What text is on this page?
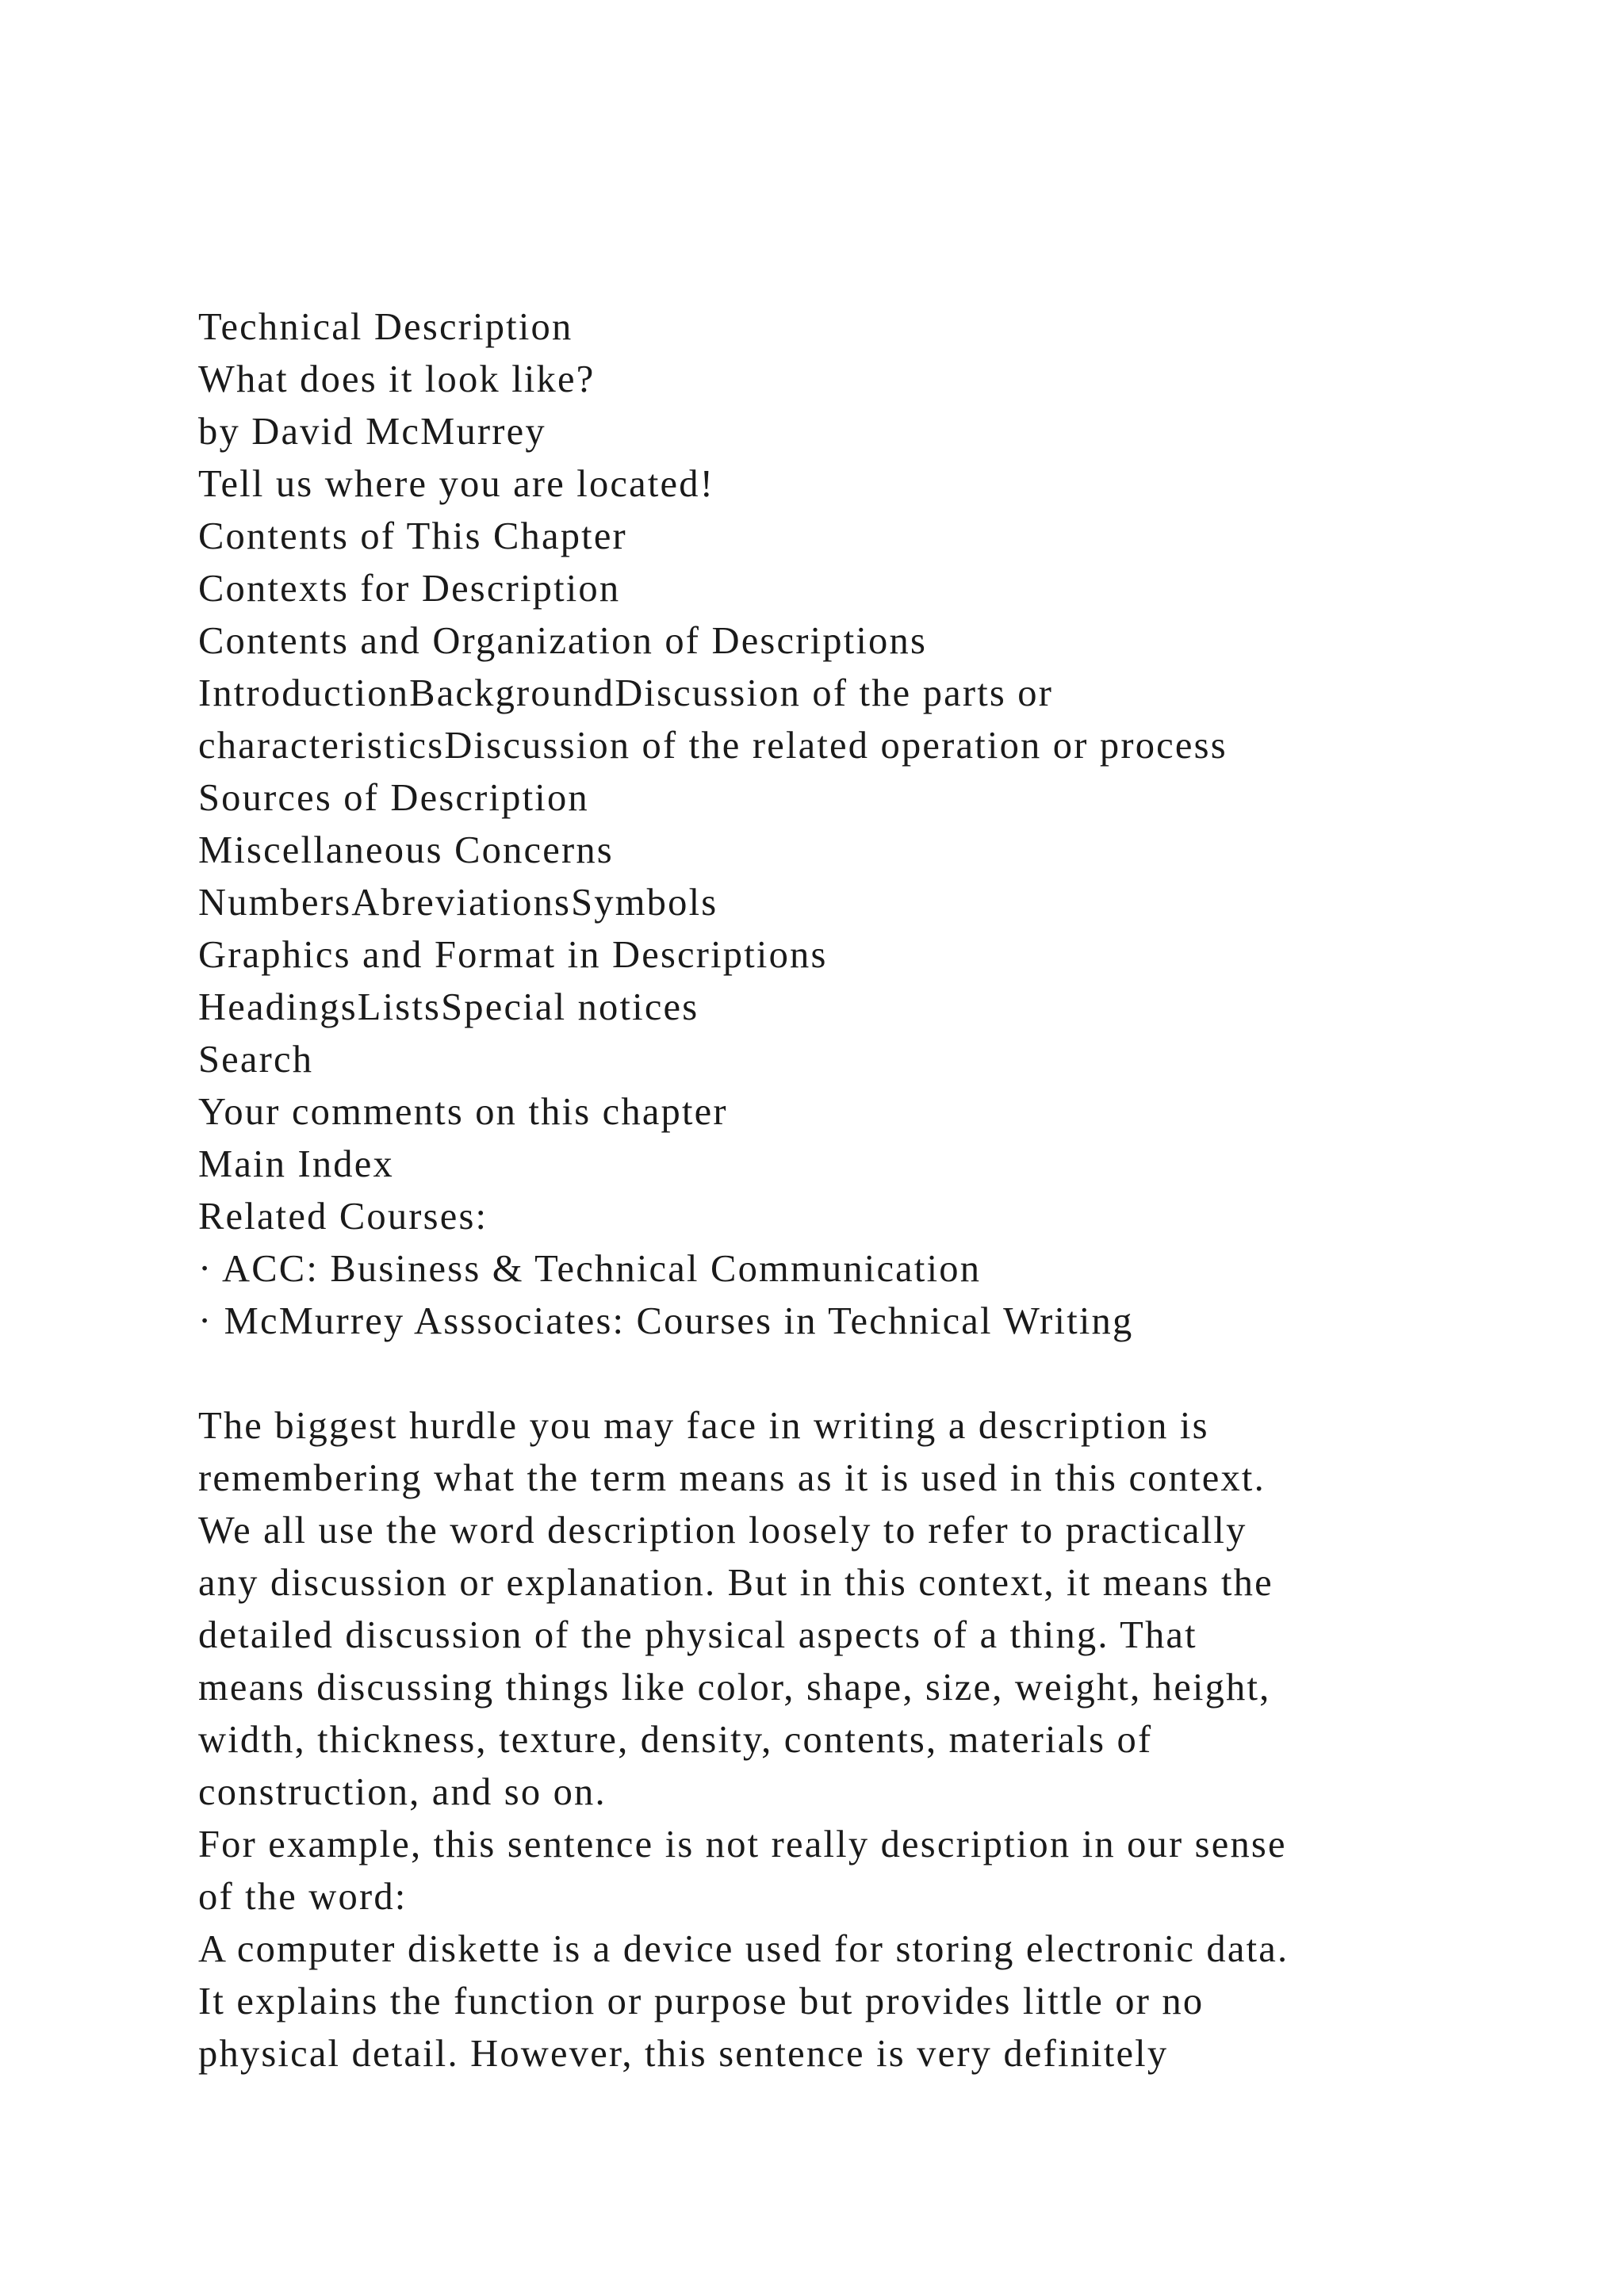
Technical Description
What does it look like?
by David McMurrey
Tell us where you are located!
Contents of This Chapter
Contexts for Description
Contents and Organization of Descriptions
IntroductionBackgroundDiscussion of the parts or
characteristicsDiscussion of the related operation or process
Sources of Description
Miscellaneous Concerns
NumbersAbreviationsSymbols
Graphics and Format in Descriptions
HeadingsListsSpecial notices
Search
Your comments on this chapter
Main Index
Related Courses:
· ACC: Business & Technical Communication
· McMurrey Asssociates: Courses in Technical Writing
The biggest hurdle you may face in writing a description is
remembering what the term means as it is used in this context.
We all use the word description loosely to refer to practically
any discussion or explanation. But in this context, it means the
detailed discussion of the physical aspects of a thing. That
means discussing things like color, shape, size, weight, height,
width, thickness, texture, density, contents, materials of
construction, and so on.
For example, this sentence is not really description in our sense
of the word:
A computer diskette is a device used for storing electronic data.
It explains the function or purpose but provides little or no
physical detail. However, this sentence is very definitely
